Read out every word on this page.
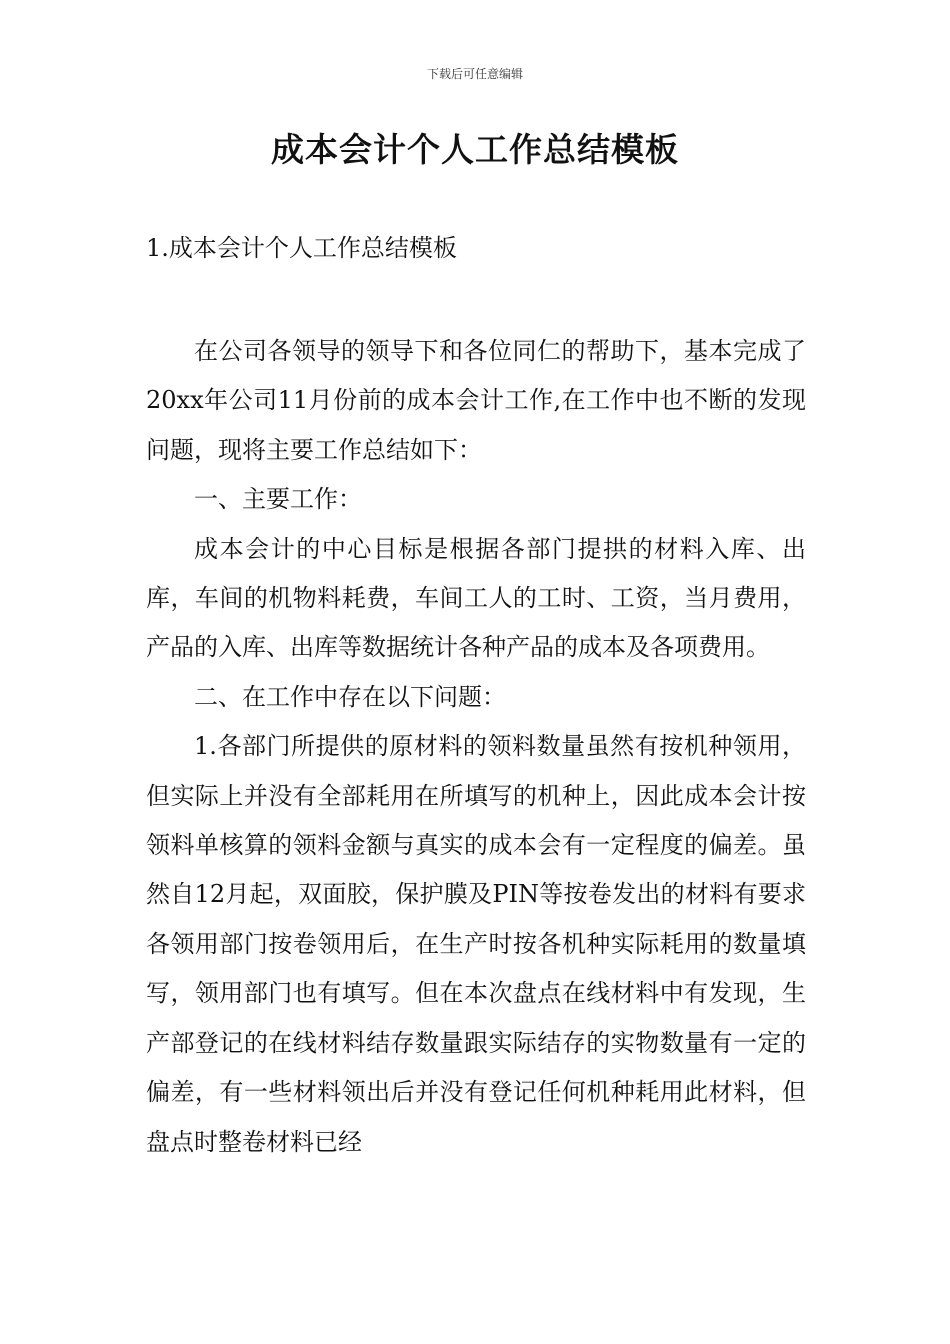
下载后可任意编辑
成本会计个人工作总结模板

1.成本会计个人工作总结模板

在公司各领导的领导下和各位同仁的帮助下，基本完成了20xx年公司11月份前的成本会计工作,在工作中也不断的发现问题，现将主要工作总结如下：

一、主要工作：

成本会计的中心目标是根据各部门提拱的材料入库、出库，车间的机物料耗费，车间工人的工时、工资，当月费用，产品的入库、出库等数据统计各种产品的成本及各项费用。

二、在工作中存在以下问题：

1.各部门所提供的原材料的领料数量虽然有按机种领用，但实际上并没有全部耗用在所填写的机种上，因此成本会计按领料单核算的领料金额与真实的成本会有一定程度的偏差。虽然自12月起，双面胶，保护膜及PIN等按卷发出的材料有要求各领用部门按卷领用后，在生产时按各机种实际耗用的数量填写，领用部门也有填写。但在本次盘点在线材料中有发现，生产部登记的在线材料结存数量跟实际结存的实物数量有一定的偏差，有一些材料领出后并没有登记任何机种耗用此材料，但盘点时整卷材料已经
